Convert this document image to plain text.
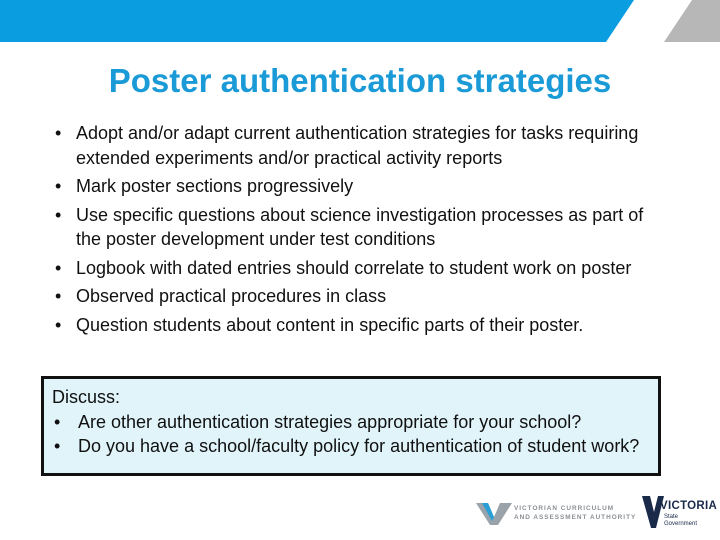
Poster authentication strategies
• Adopt and/or adapt current authentication strategies for tasks requiring extended experiments and/or practical activity reports
• Mark poster sections progressively
• Use specific questions about science investigation processes as part of the poster development under test conditions
• Logbook with dated entries should correlate to student work on poster
• Observed practical procedures in class
• Question students about content in specific parts of their poster.
Discuss:
• Are other authentication strategies appropriate for your school?
• Do you have a school/faculty policy for authentication of student work?
VICTORIAN CURRICULUM
AND ASSESSMENT AUTHORITY
VICTORIA
State
Government
